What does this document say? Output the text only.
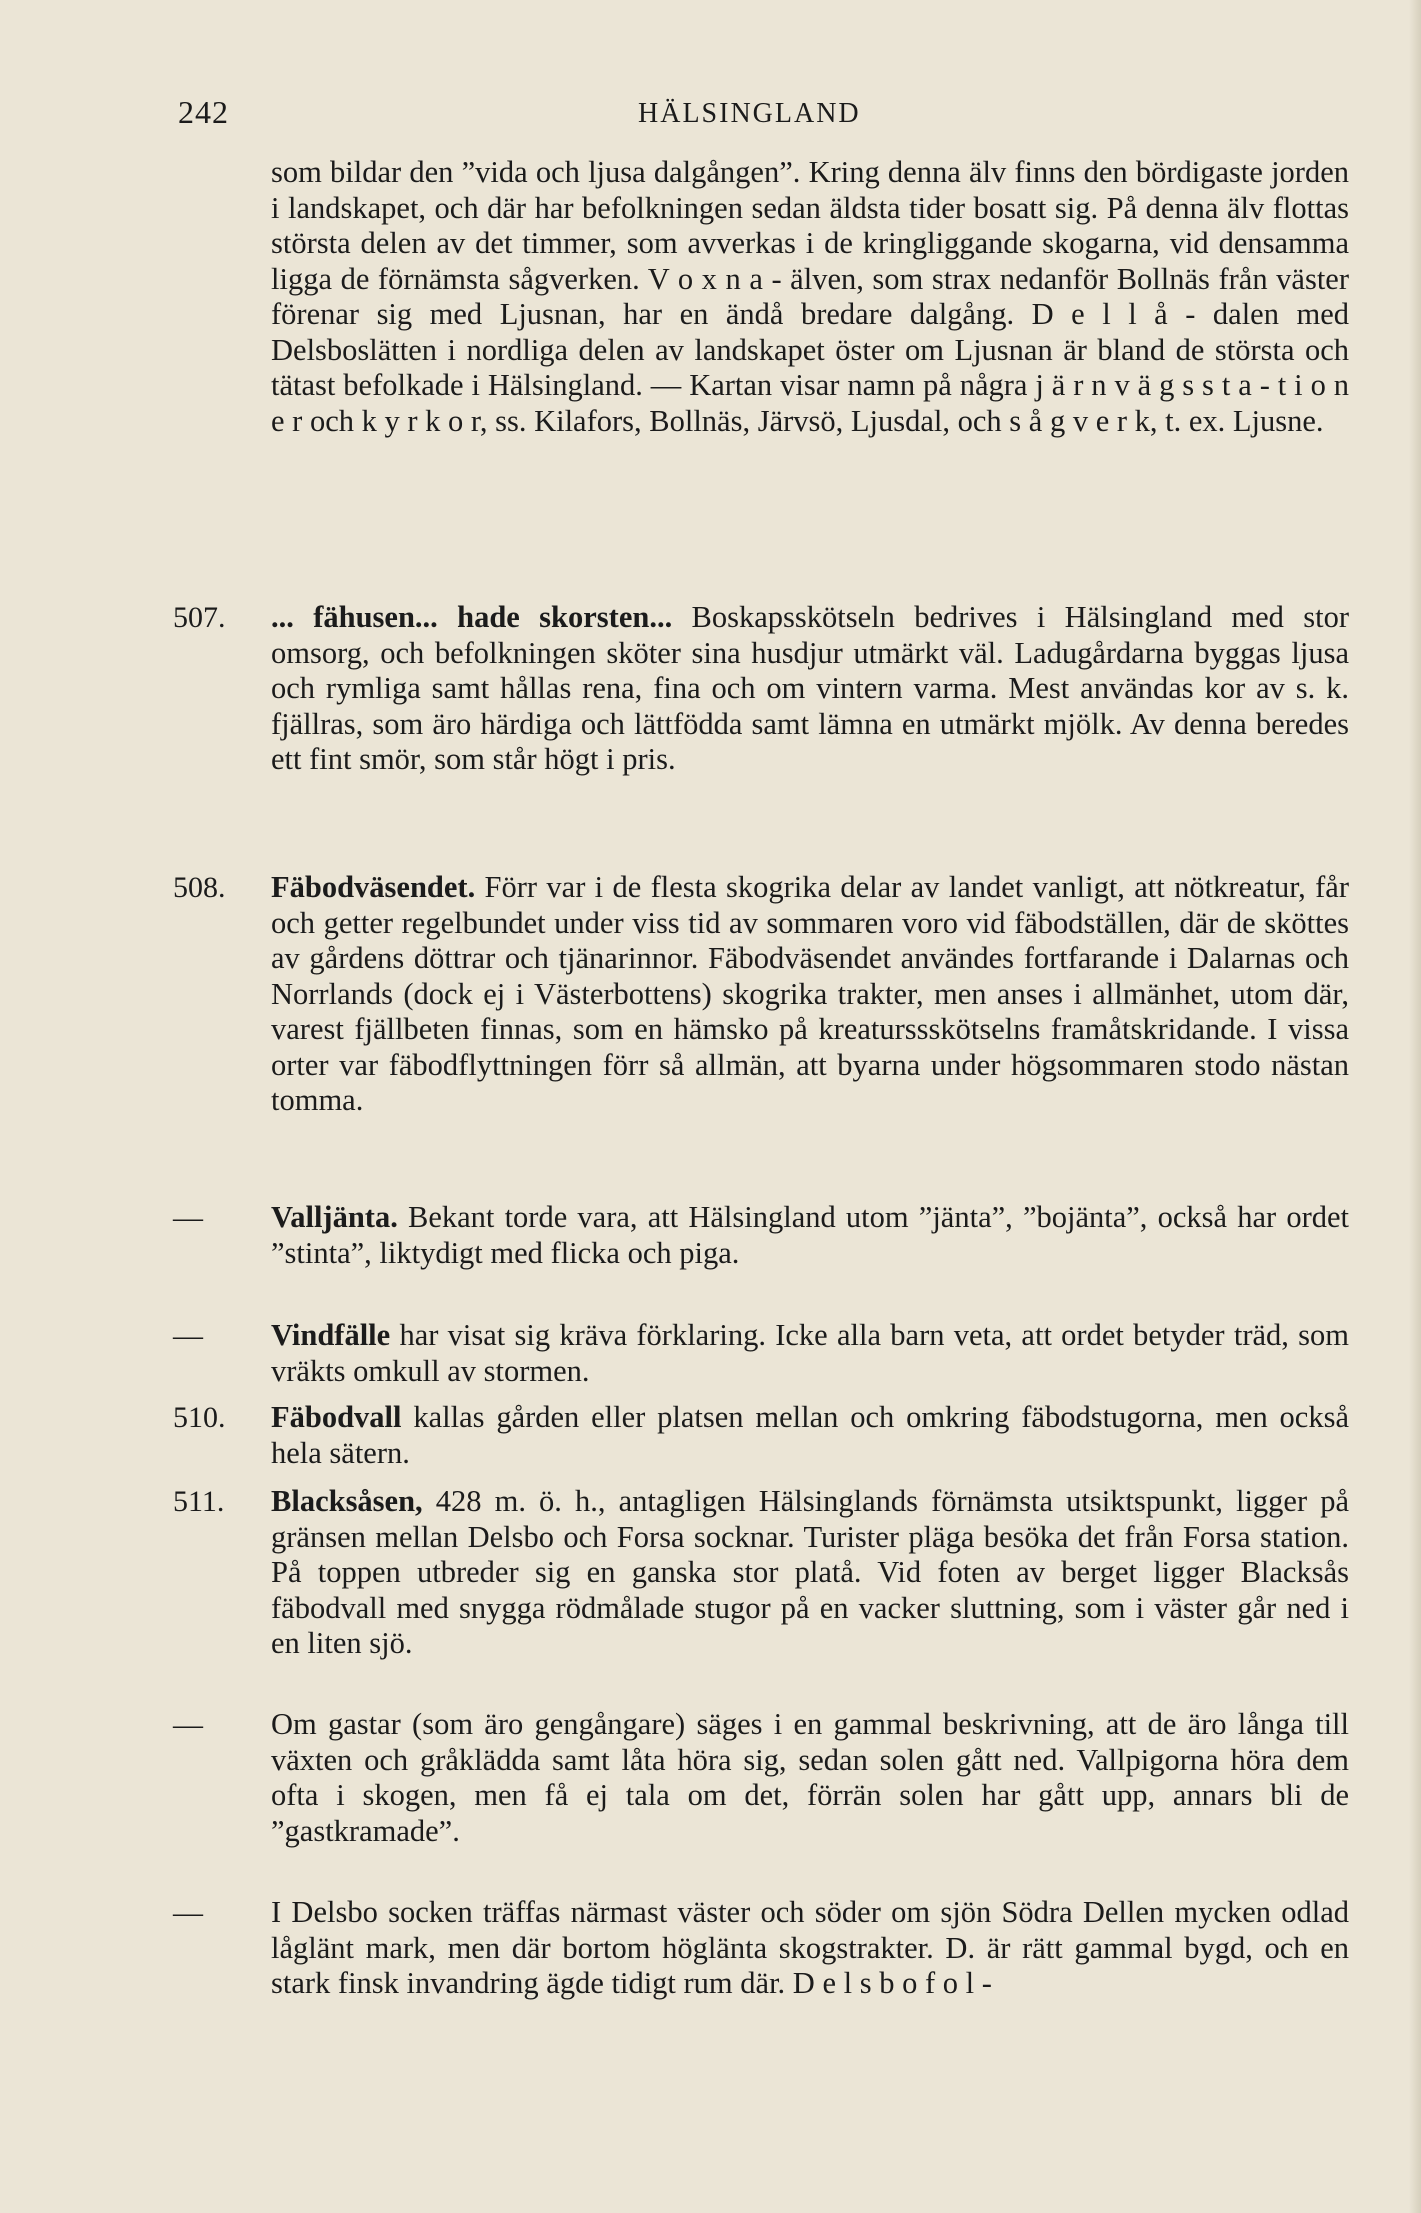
242	HÄLSINGLAND
som bildar den ”vida och ljusa dalgången”. Kring denna älv finns den bördigaste jorden i landskapet, och där har befolkningen sedan äldsta tider bosatt sig. På denna älv flottas största delen av det timmer, som avverkas i de kringliggande skogarna, vid densamma ligga de förnämsta sågverken. V o x n a - älven, som strax nedanför Bollnäs från väster förenar sig med Ljusnan, har en ändå bredare dalgång. D e l l å - dalen med Delsboslätten i nordliga delen av landskapet öster om Ljusnan är bland de största och tätast befolkade i Hälsingland. — Kartan visar namn på några j ä r n v ä g s s t a - t i o n e r och k y r k o r, ss. Kilafors, Bollnäs, Järvsö, Ljusdal, och s å g v e r k, t. ex. Ljusne.
507. ... fähusen... hade skorsten... Boskapsskötseln bedrives i Hälsingland med stor omsorg, och befolkningen sköter sina husdjur utmärkt väl. Ladugårdarna byggas ljusa och rymliga samt hållas rena, fina och om vintern varma. Mest användas kor av s. k. fjällras, som äro härdiga och lättfödda samt lämna en utmärkt mjölk. Av denna beredes ett fint smör, som står högt i pris.
508. Fäbodväsendet. Förr var i de flesta skogrika delar av landet vanligt, att nötkreatur, får och getter regelbundet under viss tid av sommaren voro vid fäbodställen, där de sköttes av gårdens döttrar och tjänarinnor. Fäbodväsendet användes fortfarande i Dalarnas och Norrlands (dock ej i Västerbottens) skogrika trakter, men anses i allmänhet, utom där, varest fjällbeten finnas, som en hämsko på kreaturssskötselns framåtskridande. I vissa orter var fäbodflyttningen förr så allmän, att byarna under högsommaren stodo nästan tomma.
— Valljänta. Bekant torde vara, att Hälsingland utom ”jänta”, ”bojänta”, också har ordet ”stinta”, liktydigt med flicka och piga.
— Vindfälle har visat sig kräva förklaring. Icke alla barn veta, att ordet betyder träd, som vräkts omkull av stormen.
510. Fäbodvall kallas gården eller platsen mellan och omkring fäbodstugorna, men också hela sätern.
511. Blacksåsen, 428 m. ö. h., antagligen Hälsinglands förnämsta utsiktspunkt, ligger på gränsen mellan Delsbo och Forsa socknar. Turister pläga besöka det från Forsa station. På toppen utbreder sig en ganska stor platå. Vid foten av berget ligger Blacksås fäbodvall med snygga rödmålade stugor på en vacker sluttning, som i väster går ned i en liten sjö.
— Om gastar (som äro gengångare) säges i en gammal beskrivning, att de äro långa till växten och gråklädda samt låta höra sig, sedan solen gått ned. Vallpigorna höra dem ofta i skogen, men få ej tala om det, förrän solen har gått upp, annars bli de ”gastkramade”.
— I Delsbo socken träffas närmast väster och söder om sjön Södra Dellen mycken odlad låglänt mark, men där bortom högläntа skogstrakter. D. är rätt gammal bygd, och en stark finsk invandring ägde tidigt rum där. D e l s b o f o l -
